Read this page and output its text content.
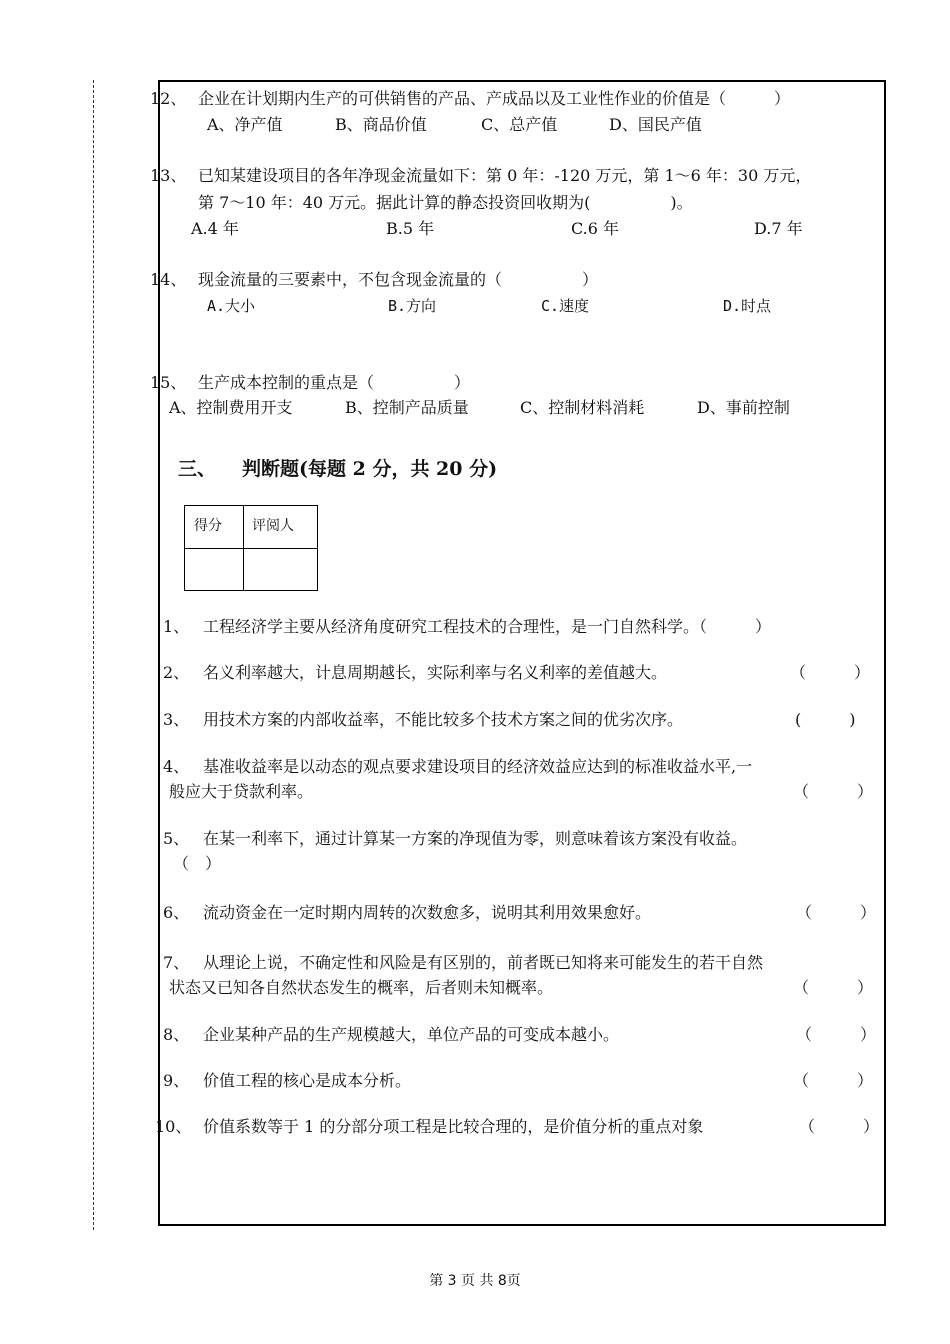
12、 企业在计划期内生产的可供销售的产品、产成品以及工业性作业的价值是（　　　）
A、净产值	B、商品价值	C、总产值	D、国民产值
13、 已知某建设项目的各年净现金流量如下：第 0 年：-120 万元，第 1～6 年：30 万元，
第 7～10 年：40 万元。据此计算的静态投资回收期为(　　　　　)。
A.4 年	B.5 年	C.6 年	D.7 年
14、 现金流量的三要素中，不包含现金流量的（　　　　　）
A.大小	B.方向	C.速度	D.时点
15、 生产成本控制的重点是（　　　　　）
A、控制费用开支	B、控制产品质量	C、控制材料消耗	D、事前控制
三、 判断题(每题 2 分，共 20 分)
得分 评阅人
1、 工程经济学主要从经济角度研究工程技术的合理性，是一门自然科学。（　　　）
2、 名义利率越大，计息周期越长，实际利率与名义利率的差值越大。	（　　　）
3、 用技术方案的内部收益率，不能比较多个技术方案之间的优劣次序。	(　　　)
4、 基准收益率是以动态的观点要求建设项目的经济效益应达到的标准收益水平,一
般应大于贷款利率。	（　　　）
5、 在某一利率下，通过计算某一方案的净现值为零，则意味着该方案没有收益。
（　）
6、 流动资金在一定时期内周转的次数愈多，说明其利用效果愈好。	（　　　）
7、 从理论上说，不确定性和风险是有区别的，前者既已知将来可能发生的若干自然
状态又已知各自然状态发生的概率，后者则未知概率。	（　　　）
8、 企业某种产品的生产规模越大，单位产品的可变成本越小。	（　　　）
9、 价值工程的核心是成本分析。	（　　　）
10、 价值系数等于 1 的分部分项工程是比较合理的，是价值分析的重点对象	（　　　）
第 3 页 共 8页
